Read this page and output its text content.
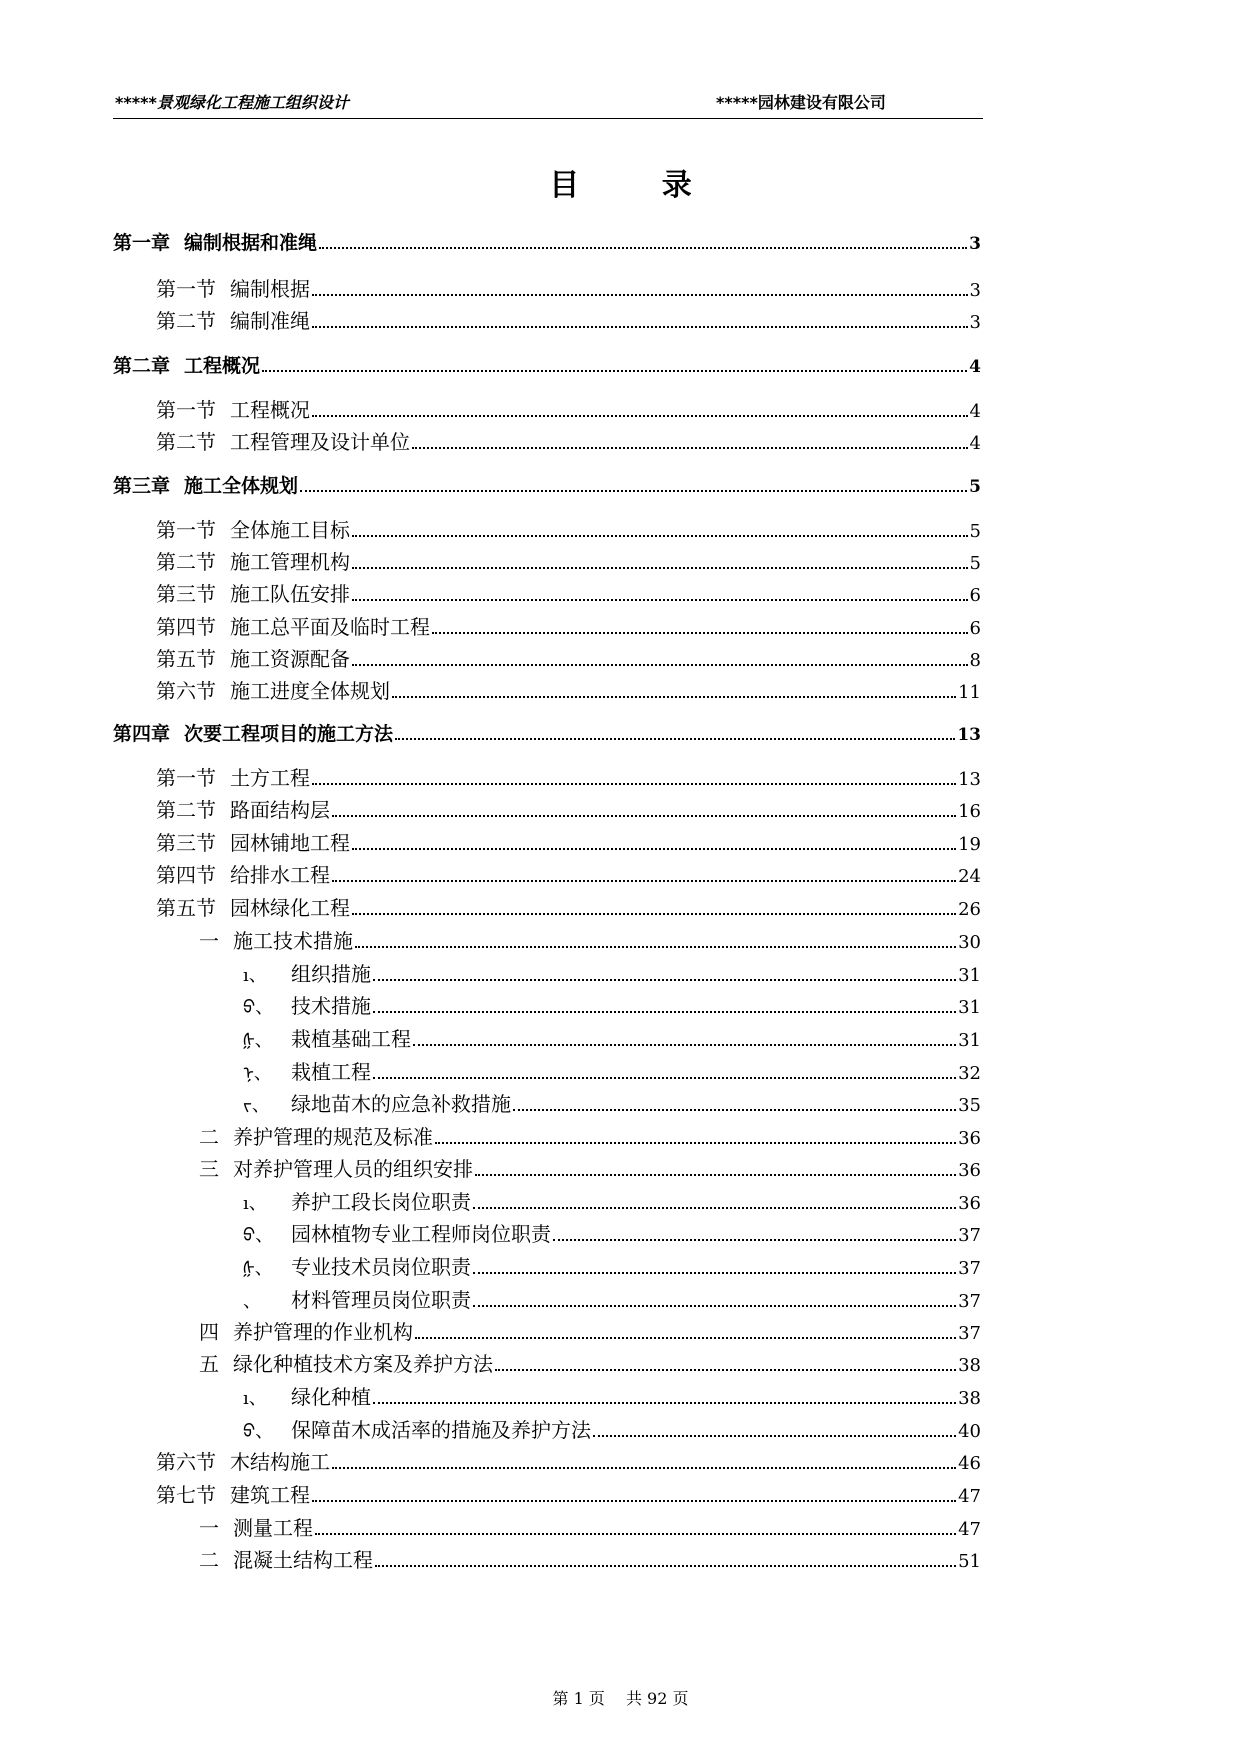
*****景观绿化工程施工组织设计	*****园林建设有限公司
目 录
第一章 编制根据和准绳	3
第一节 编制根据	3
第二节 编制准绳	3
第二章 工程概况	4
第一节 工程概况	4
第二节 工程管理及设计单位	4
第三章 施工全体规划	5
第一节 全体施工目标	5
第二节 施工管理机构	5
第三节 施工队伍安排	6
第四节 施工总平面及临时工程	6
第五节 施工资源配备	8
第六节 施工进度全体规划	11
第四章 次要工程项目的施工方法	13
第一节 土方工程	13
第二节 路面结构层	16
第三节 园林铺地工程	19
第四节 给排水工程	24
第五节 园林绿化工程	26
一 施工技术措施	30
ı、	组织措施	31
ᢒ、 技术措施	31
ᢔ、 栽植基础工程	31
ᠨ、 栽植工程	32
ᠵ、	绿地苗木的应急补救措施	35
二 养护管理的规范及标准	36
三 对养护管理人员的组织安排	36
ı、	养护工段长岗位职责	36
ᢒ、 园林植物专业工程师岗位职责	37
ᢔ、 专业技术员岗位职责	37
、	材料管理员岗位职责	37
四 养护管理的作业机构	37
五 绿化种植技术方案及养护方法	38
ı、	绿化种植	38
ᢒ、 保障苗木成活率的措施及养护方法	40
第六节 木结构施工	46
第七节 建筑工程	47
一 测量工程	47
二 混凝土结构工程	51
第 1 页 共 92 页
